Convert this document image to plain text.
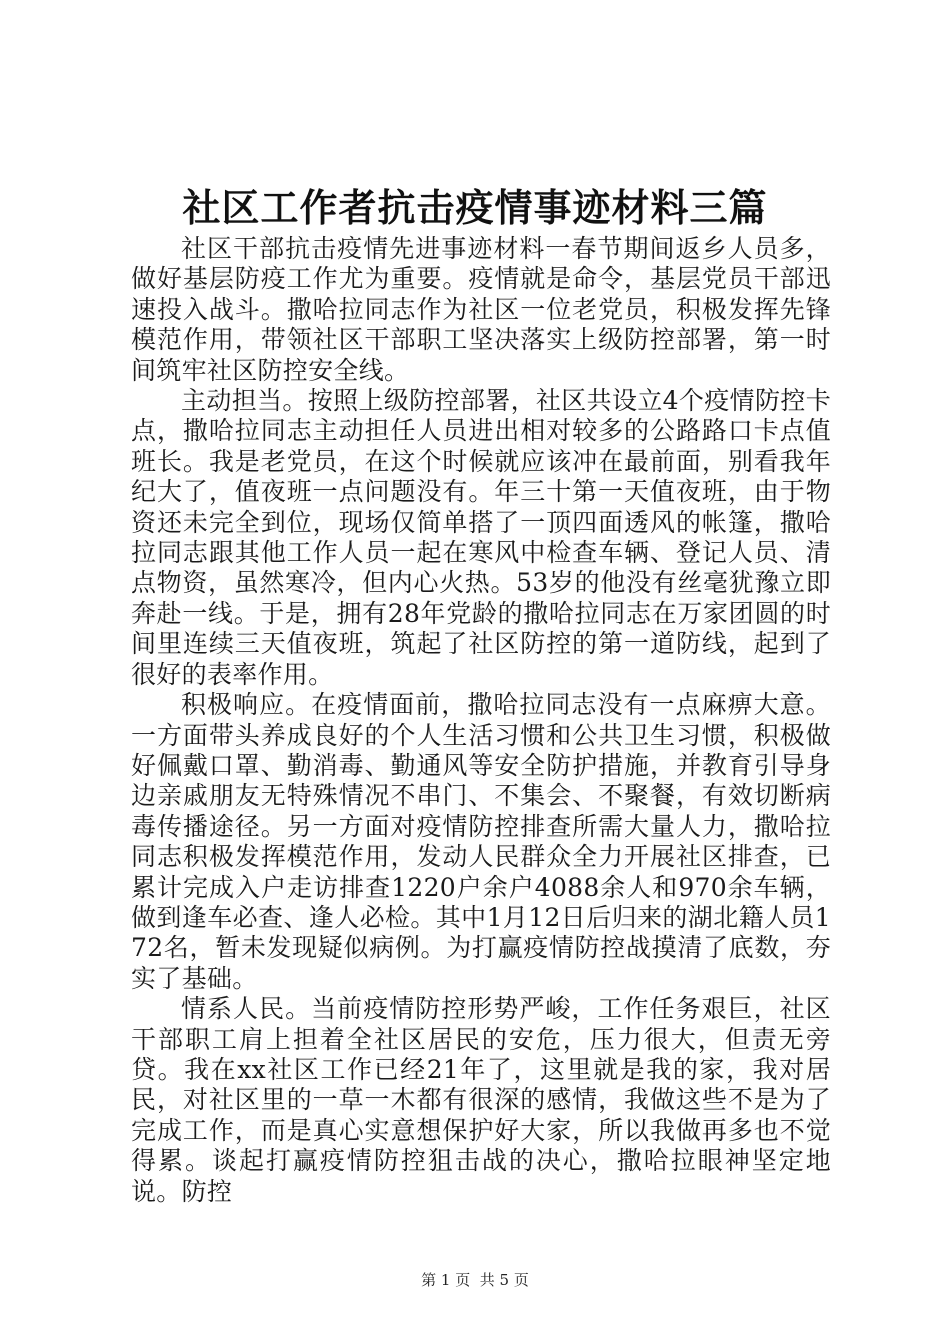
社区工作者抗击疫情事迹材料三篇

社区干部抗击疫情先进事迹材料一春节期间返乡人员多，做好基层防疫工作尤为重要。疫情就是命令，基层党员干部迅速投入战斗。撒哈拉同志作为社区一位老党员，积极发挥先锋模范作用，带领社区干部职工坚决落实上级防控部署，第一时间筑牢社区防控安全线。

主动担当。按照上级防控部署，社区共设立4个疫情防控卡点，撒哈拉同志主动担任人员进出相对较多的公路路口卡点值班长。我是老党员，在这个时候就应该冲在最前面，别看我年纪大了，值夜班一点问题没有。年三十第一天值夜班，由于物资还未完全到位，现场仅简单搭了一顶四面透风的帐篷，撒哈拉同志跟其他工作人员一起在寒风中检查车辆、登记人员、清点物资，虽然寒冷，但内心火热。53岁的他没有丝毫犹豫立即奔赴一线。于是，拥有28年党龄的撒哈拉同志在万家团圆的时间里连续三天值夜班，筑起了社区防控的第一道防线，起到了很好的表率作用。

积极响应。在疫情面前，撒哈拉同志没有一点麻痹大意。一方面带头养成良好的个人生活习惯和公共卫生习惯，积极做好佩戴口罩、勤消毒、勤通风等安全防护措施，并教育引导身边亲戚朋友无特殊情况不串门、不集会、不聚餐，有效切断病毒传播途径。另一方面对疫情防控排查所需大量人力，撒哈拉同志积极发挥模范作用，发动人民群众全力开展社区排查，已累计完成入户走访排查1220户余户4088余人和970余车辆，做到逢车必查、逢人必检。其中1月12日后归来的湖北籍人员172名，暂未发现疑似病例。为打赢疫情防控战摸清了底数，夯实了基础。

情系人民。当前疫情防控形势严峻，工作任务艰巨，社区干部职工肩上担着全社区居民的安危，压力很大，但责无旁贷。我在xx社区工作已经21年了，这里就是我的家，我对居民，对社区里的一草一木都有很深的感情，我做这些不是为了完成工作，而是真心实意想保护好大家，所以我做再多也不觉得累。谈起打赢疫情防控狙击战的决心，撒哈拉眼神坚定地说。防控

第 1 页  共 5 页
